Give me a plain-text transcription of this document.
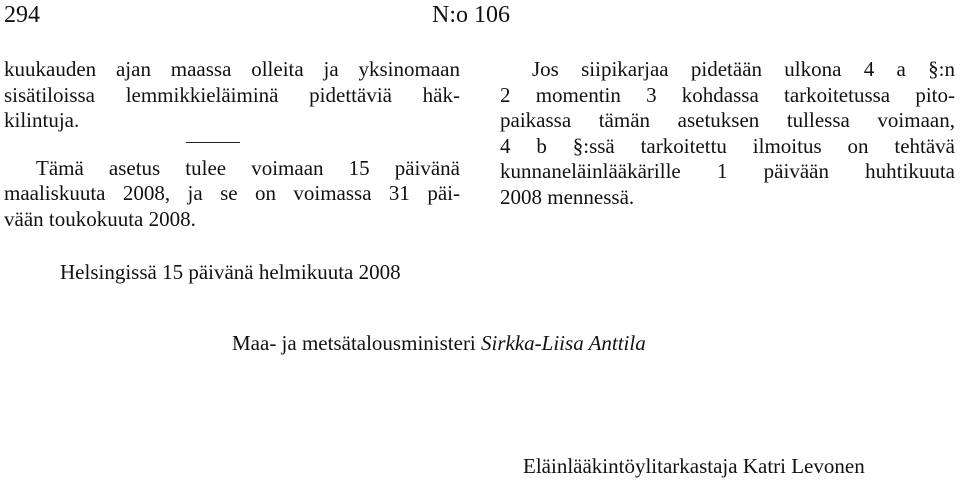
294	N:o 106
kuukauden ajan maassa olleita ja yksinomaan
sisätiloissa lemmikkieläiminä pidettäviä häk-
kilintuja.
Tämä asetus tulee voimaan 15 päivänä
maaliskuuta 2008, ja se on voimassa 31 päi-
vään toukokuuta 2008.
Jos siipikarjaa pidetään ulkona 4 a §:n
2 momentin 3 kohdassa tarkoitetussa pito-
paikassa tämän asetuksen tullessa voimaan,
4 b §:ssä tarkoitettu ilmoitus on tehtävä
kunnaneläinlääkärille 1 päivään huhtikuuta
2008 mennessä.
Helsingissä 15 päivänä helmikuuta 2008
Maa- ja metsätalousministeri Sirkka-Liisa Anttila
Eläinlääkintöylitarkastaja Katri Levonen
